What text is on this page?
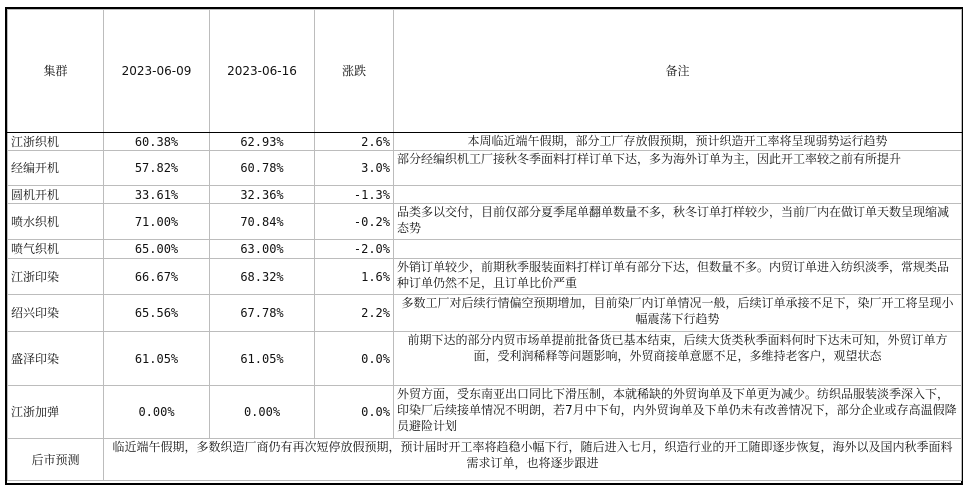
集群	2023-06-09	2023-06-16	涨跌	备注
江浙织机	60.38%	62.93%	2.6%	本周临近端午假期，部分工厂存放假预期，预计织造开工率将呈现弱势运行趋势
经编开机	57.82%	60.78%	3.0%	部分经编织机工厂接秋冬季面料打样订单下达，多为海外订单为主，因此开工率较之前有所提升
圆机开机	33.61%	32.36%	-1.3%	
喷水织机	71.00%	70.84%	-0.2%	品类多以交付，目前仅部分夏季尾单翻单数量不多，秋冬订单打样较少，当前厂内在做订单天数呈现缩减态势
喷气织机	65.00%	63.00%	-2.0%	
江浙印染	66.67%	68.32%	1.6%	外销订单较少，前期秋季服装面料打样订单有部分下达，但数量不多。内贸订单进入纺织淡季，常规类品种订单仍然不足，且订单比价严重
绍兴印染	65.56%	67.78%	2.2%	多数工厂对后续行情偏空预期增加，目前染厂内订单情况一般，后续订单承接不足下，染厂开工将呈现小幅震荡下行趋势
盛泽印染	61.05%	61.05%	0.0%	前期下达的部分内贸市场单提前批备货已基本结束，后续大货类秋季面料何时下达未可知，外贸订单方面，受利润稀释等问题影响，外贸商接单意愿不足，多维持老客户，观望状态
江浙加弹	0.00%	0.00%	0.0%	外贸方面，受东南亚出口同比下滑压制，本就稀缺的外贸询单及下单更为减少。纺织品服装淡季深入下，印染厂后续接单情况不明朗，若7月中下旬，内外贸询单及下单仍未有改善情况下，部分企业或存高温假降员避险计划
后市预测	临近端午假期，多数织造厂商仍有再次短停放假预期，预计届时开工率将趋稳小幅下行，随后进入七月，织造行业的开工随即逐步恢复，海外以及国内秋季面料需求订单，也将逐步跟进			
